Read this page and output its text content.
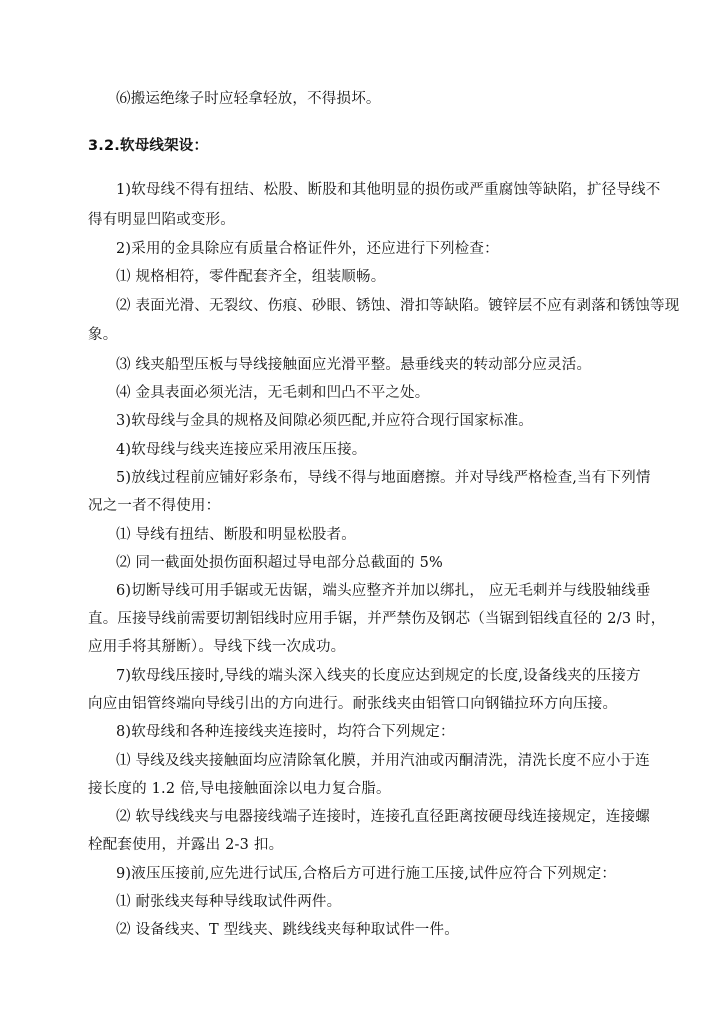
⑹搬运绝缘子时应轻拿轻放，不得损坏。
3.2.软母线架设：
1)软母线不得有扭结、松股、断股和其他明显的损伤或严重腐蚀等缺陷，扩径导线不
得有明显凹陷或变形。
2)采用的金具除应有质量合格证件外，还应进行下列检查：
⑴ 规格相符，零件配套齐全，组装顺畅。
⑵ 表面光滑、无裂纹、伤痕、砂眼、锈蚀、滑扣等缺陷。镀锌层不应有剥落和锈蚀等现
象。
⑶ 线夹船型压板与导线接触面应光滑平整。悬垂线夹的转动部分应灵活。
⑷ 金具表面必须光洁，无毛刺和凹凸不平之处。
3)软母线与金具的规格及间隙必须匹配,并应符合现行国家标准。
4)软母线与线夹连接应采用液压压接。
5)放线过程前应铺好彩条布，导线不得与地面磨擦。并对导线严格检查,当有下列情
况之一者不得使用：
⑴ 导线有扭结、断股和明显松股者。
⑵ 同一截面处损伤面积超过导电部分总截面的 5%
6)切断导线可用手锯或无齿锯，端头应整齐并加以绑扎， 应无毛刺并与线股轴线垂
直。压接导线前需要切割铝线时应用手锯，并严禁伤及钢芯（当锯到铝线直径的 2/3 时，
应用手将其掰断）。导线下线一次成功。
7)软母线压接时,导线的端头深入线夹的长度应达到规定的长度,设备线夹的压接方
向应由铝管终端向导线引出的方向进行。耐张线夹由铝管口向钢锚拉环方向压接。
8)软母线和各种连接线夹连接时，均符合下列规定：
⑴ 导线及线夹接触面均应清除氧化膜，并用汽油或丙酮清洗，清洗长度不应小于连
接长度的 1.2 倍,导电接触面涂以电力复合脂。
⑵ 软导线线夹与电器接线端子连接时，连接孔直径距离按硬母线连接规定，连接螺
栓配套使用，并露出 2-3 扣。
9)液压压接前,应先进行试压,合格后方可进行施工压接,试件应符合下列规定：
⑴ 耐张线夹每种导线取试件两件。
⑵ 设备线夹、T 型线夹、跳线线夹每种取试件一件。
